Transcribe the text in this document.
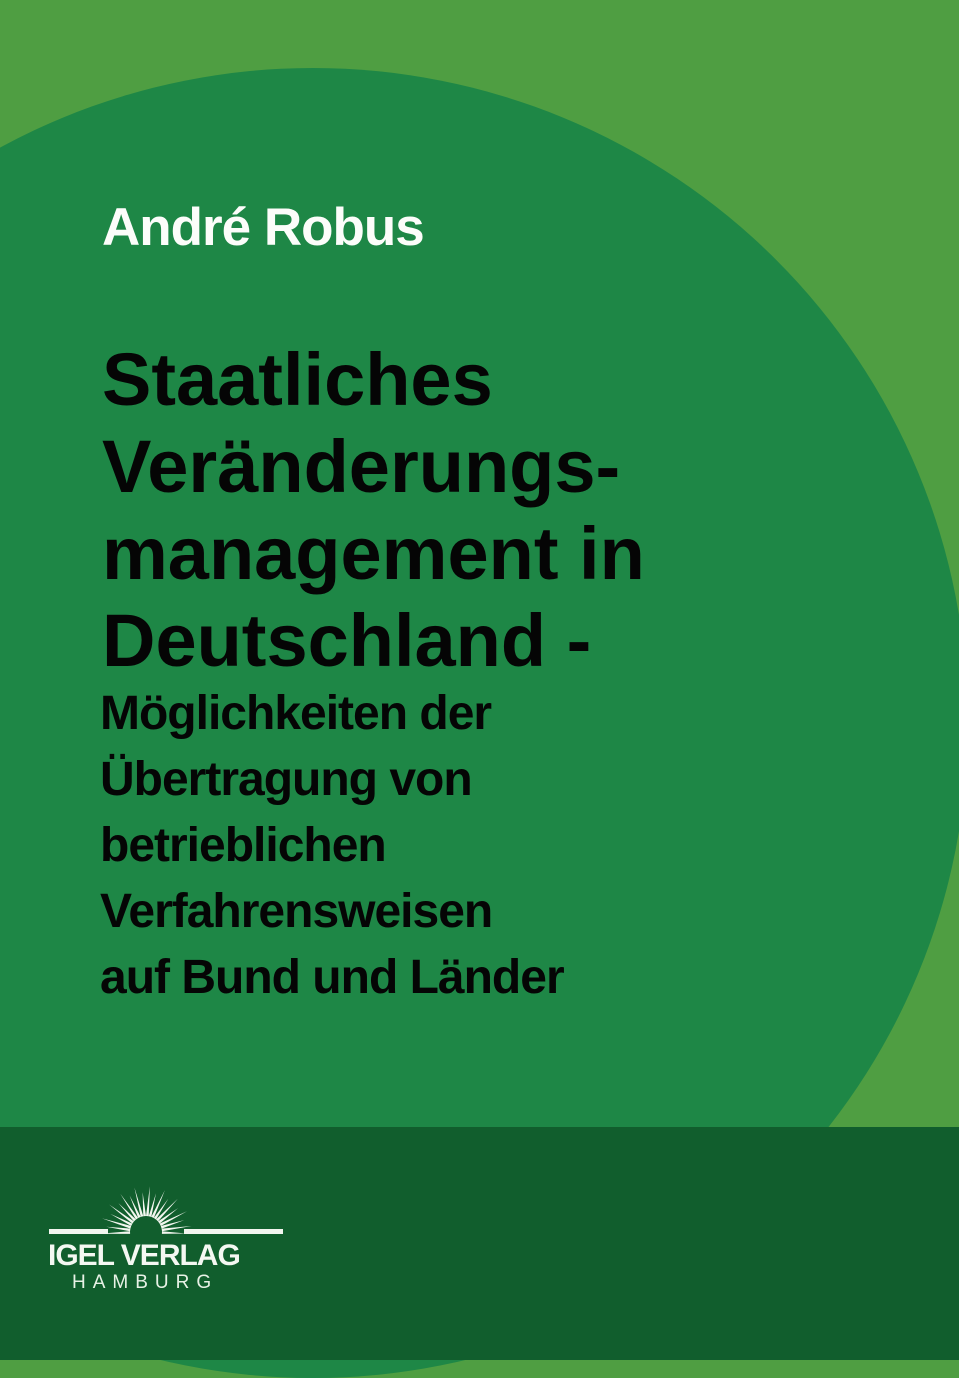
André Robus
Staatliches
Veränderungs-
management in
Deutschland -
Möglichkeiten der
Übertragung von
betrieblichen
Verfahrensweisen
auf Bund und Länder
IGEL VERLAG
HAMBURG
